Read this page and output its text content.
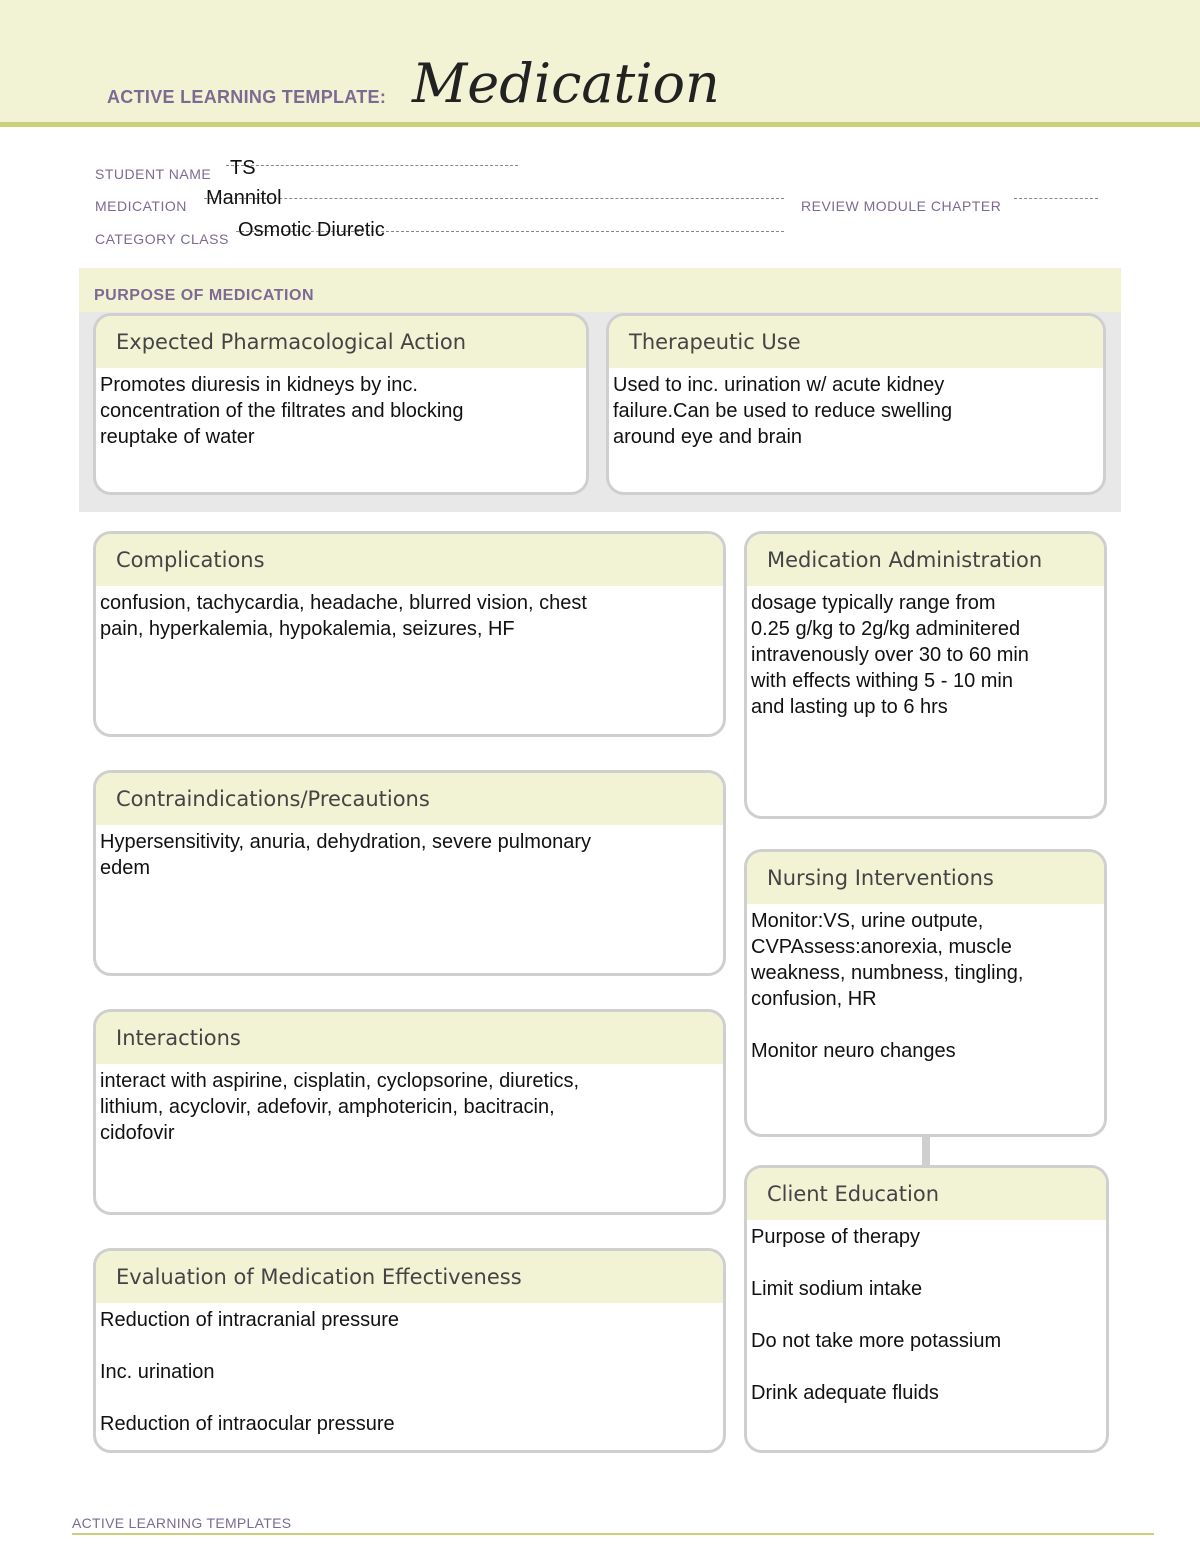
ACTIVE LEARNING TEMPLATE: Medication
STUDENT NAME TS
MEDICATION Mannitol	REVIEW MODULE CHAPTER
CATEGORY CLASS Osmotic Diuretic
PURPOSE OF MEDICATION
Expected Pharmacological Action
Promotes diuresis in kidneys by inc.
concentration of the filtrates and blocking
reuptake of water
Therapeutic Use
Used to inc. urination w/ acute kidney
failure.Can be used to reduce swelling
around eye and brain
Complications
confusion, tachycardia, headache, blurred vision, chest
pain, hyperkalemia, hypokalemia, seizures, HF
Medication Administration
dosage typically range from
0.25 g/kg to 2g/kg adminitered
intravenously over 30 to 60 min
with effects withing 5 - 10 min
and lasting up to 6 hrs
Contraindications/Precautions
Hypersensitivity, anuria, dehydration, severe pulmonary
edem	Nursing Interventions
Monitor:VS, urine outpute,
CVPAssess:anorexia, muscle
weakness, numbness, tingling,
confusion, HR
Monitor neuro changes
Interactions
interact with aspirine, cisplatin, cyclopsorine, diuretics,
lithium, acyclovir, adefovir, amphotericin, bacitracin,
cidofovir
Client Education

Purpose of therapy

Limit sodium intake

Do not take more potassium

Drink adequate fluids

Evaluation of Medication Effectiveness

Reduction of intracranial pressure

Inc. urination

Reduction of intraocular pressure

ACTIVE LEARNING TEMPLATES
